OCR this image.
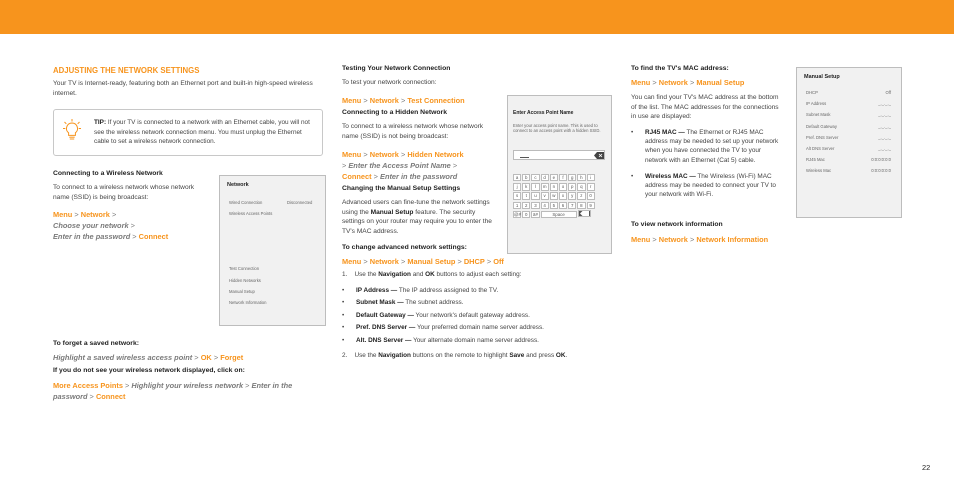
ADJUSTING THE NETWORK SETTINGS
Your TV is Internet-ready, featuring both an Ethernet port and built-in high-speed wireless internet.
TIP: If your TV is connected to a network with an Ethernet cable, you will not see the wireless network connection menu. You must unplug the Ethernet cable to set a wireless network connection.
Connecting to a Wireless Network
To connect to a wireless network whose network name (SSID) is being broadcast:
Menu > Network >
Choose your network >
Enter in the password > Connect
Network
Wired Connection	Disconnected
Wireless Access Points
Test Connection
Hidden Networks
Manual Setup
Network Information
To forget a saved network:
Highlight a saved wireless access point > OK > Forget
If you do not see your wireless network displayed, click on:
More Access Points > Highlight your wireless network > Enter in the password > Connect
Testing Your Network Connection
To test your network connection:
Menu > Network > Test Connection
Connecting to a Hidden Network
To connect to a wireless network whose network name (SSID) is not being broadcast:
Menu > Network > Hidden Network
> Enter the Access Point Name >
Connect > Enter in the password
Changing the Manual Setup Settings
Advanced users can fine-tune the network settings using the Manual Setup feature. The security settings on your router may require you to enter the TV's MAC address.
Enter Access Point Name
Enter your access point name. This is used to connect to an access point with a hidden SSID.
a b c d e f g h i
j k l m n o p q r
s t u v w x y z 0
1 2 3 4 5 6 7 8 9
@# 0 ä#	Space
To change advanced network settings:
Menu > Network > Manual Setup > DHCP > Off
1. Use the Navigation and OK buttons to adjust each setting:
• IP Address — The IP address assigned to the TV.
• Subnet Mask — The subnet address.
• Default Gateway — Your network's default gateway address.
• Pref. DNS Server — Your preferred domain name server address.
• Alt. DNS Server — Your alternate domain name server address.
2. Use the Navigation buttons on the remote to highlight Save and press OK.
To find the TV's MAC address:
Menu > Network > Manual Setup
You can find your TV's MAC address at the bottom of the list. The MAC addresses for the connections in use are displayed:
• RJ45 MAC — The Ethernet or RJ45 MAC address may be needed to set up your network when you have connected the TV to your network with an Ethernet (Cat 5) cable.
• Wireless MAC — The Wireless (Wi-Fi) MAC address may be needed to connect your TV to your network with Wi-Fi.
To view network information
Menu > Network > Network Information
Manual Setup
DHCP	Off
IP Address	_._._._
Subnet Mask	_._._._
Default Gateway	_._._._
Pref. DNS Server	_._._._
Alt DNS Server	_._._._
RJ45 Mac	0:0:0:0:0:0
Wireless Mac	0:0:0:0:0:0
22
